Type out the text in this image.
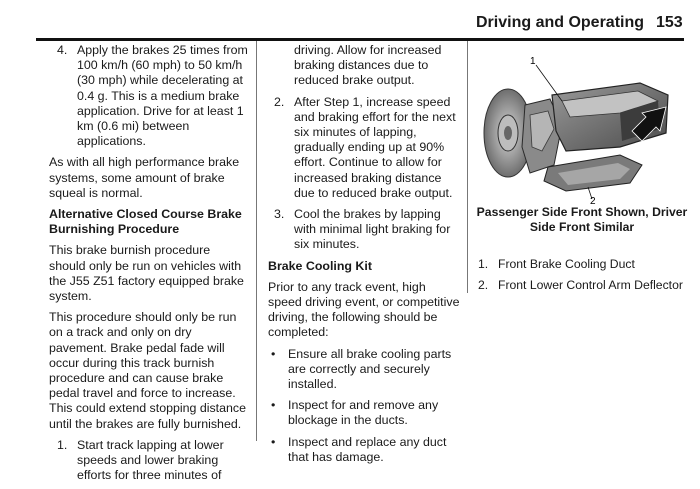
Driving and Operating 153
4. Apply the brakes 25 times from 100 km/h (60 mph) to 50 km/h (30 mph) while decelerating at 0.4 g. This is a medium brake application. Drive for at least 1 km (0.6 mi) between applications.

As with all high performance brake systems, some amount of brake squeal is normal.

Alternative Closed Course Brake Burnishing Procedure

This brake burnish procedure should only be run on vehicles with the J55 Z51 factory equipped brake system.

This procedure should only be run on a track and only on dry pavement. Brake pedal fade will occur during this track burnish procedure and can cause brake pedal travel and force to increase. This could extend stopping distance until the brakes are fully burnished.

1. Start track lapping at lower speeds and lower braking efforts for three minutes of

driving. Allow for increased braking distances due to reduced brake output.

2. After Step 1, increase speed and braking effort for the next six minutes of lapping, gradually ending up at 90% effort. Continue to allow for increased braking distance due to reduced brake output.
3. Cool the brakes by lapping with minimal light braking for six minutes.

Brake Cooling Kit

Prior to any track event, high speed driving event, or competitive driving, the following should be completed:

• Ensure all brake cooling parts are correctly and securely installed.
• Inspect for and remove any blockage in the ducts.
• Inspect and replace any duct that has damage.
1
2
Passenger Side Front Shown, Driver Side Front Similar
1. Front Brake Cooling Duct
2. Front Lower Control Arm Deflector
